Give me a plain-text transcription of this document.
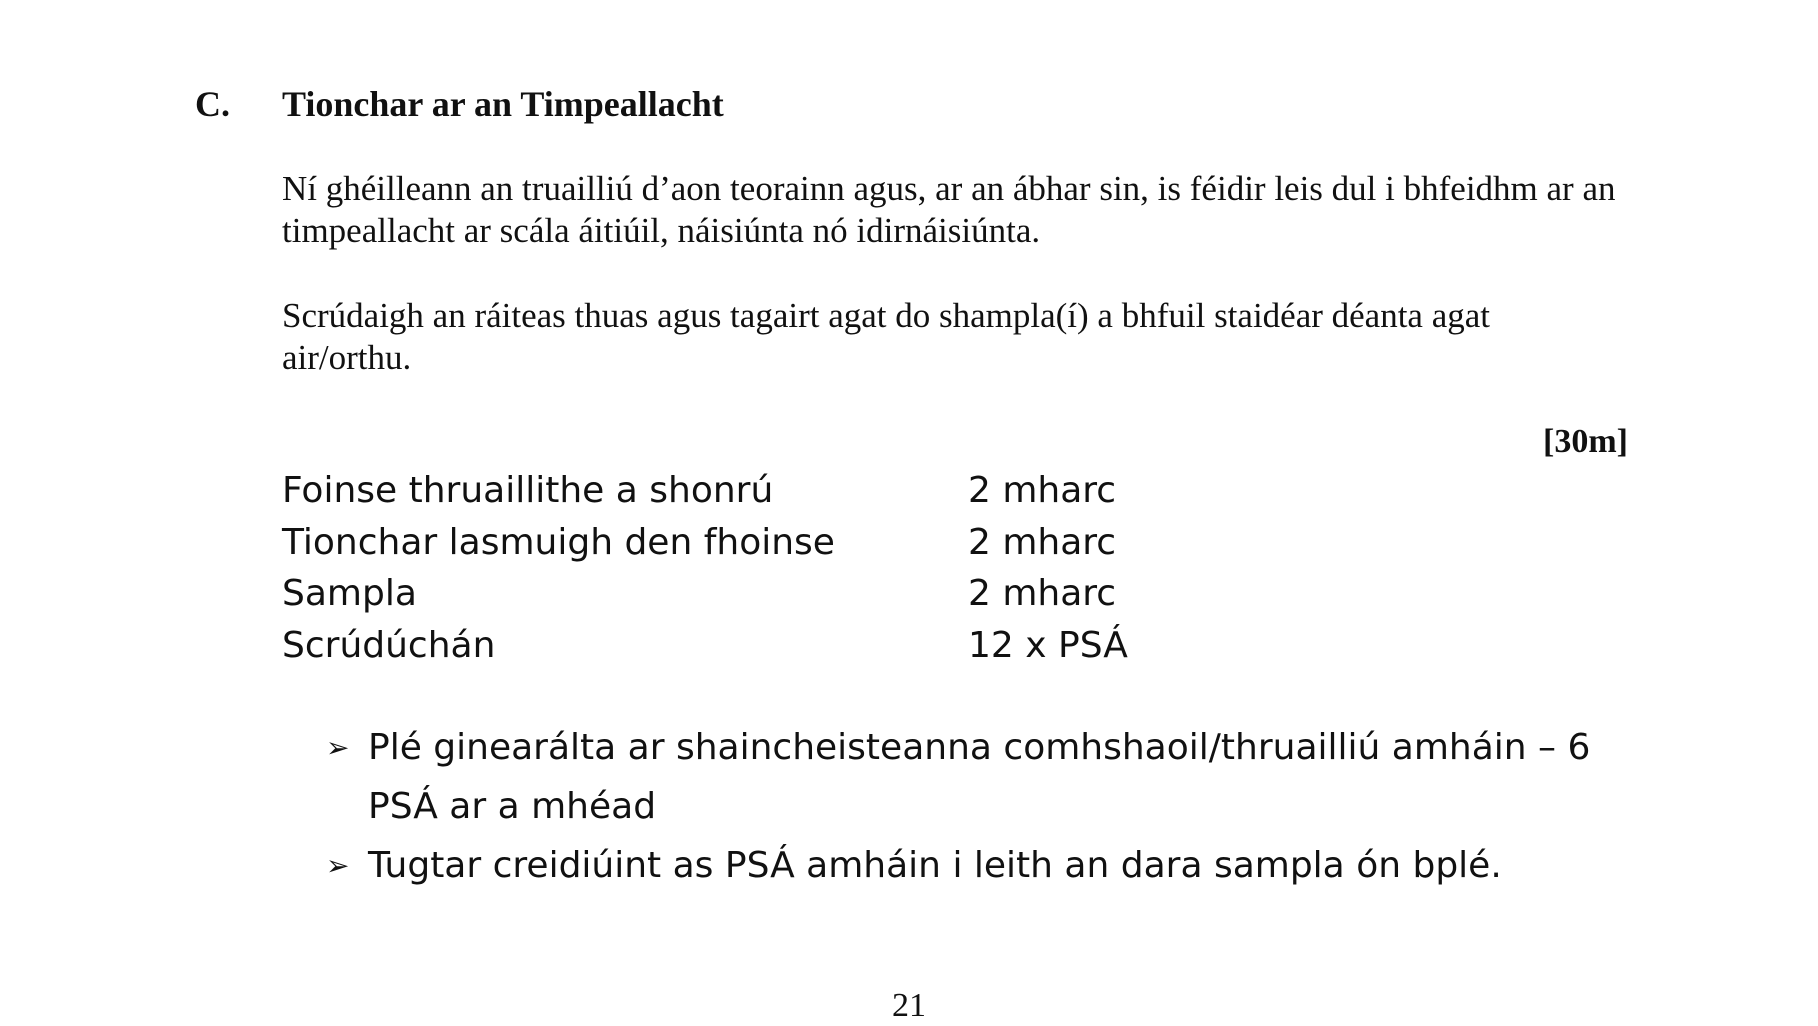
C. Tionchar ar an Timpeallacht

Ní ghéilleann an truailliú d’aon teorainn agus, ar an ábhar sin, is féidir leis dul i bhfeidhm ar an timpeallacht ar scála áitiúil, náisiúnta nó idirnáisiúnta.

Scrúdaigh an ráiteas thuas agus tagairt agat do shampla(í) a bhfuil staidéar déanta agat air/orthu.

[30m]
Foinse thruaillithe a shonrú	2 mharc
Tionchar lasmuigh den fhoinse	2 mharc
Sampla	2 mharc
Scrúdúchán	12 x PSÁ
➢ Plé ginearálta ar shaincheisteanna comhshaoil/thruailliú amháin – 6 PSÁ ar a mhéad
➢ Tugtar creidiúint as PSÁ amháin i leith an dara sampla ón bplé.
21
